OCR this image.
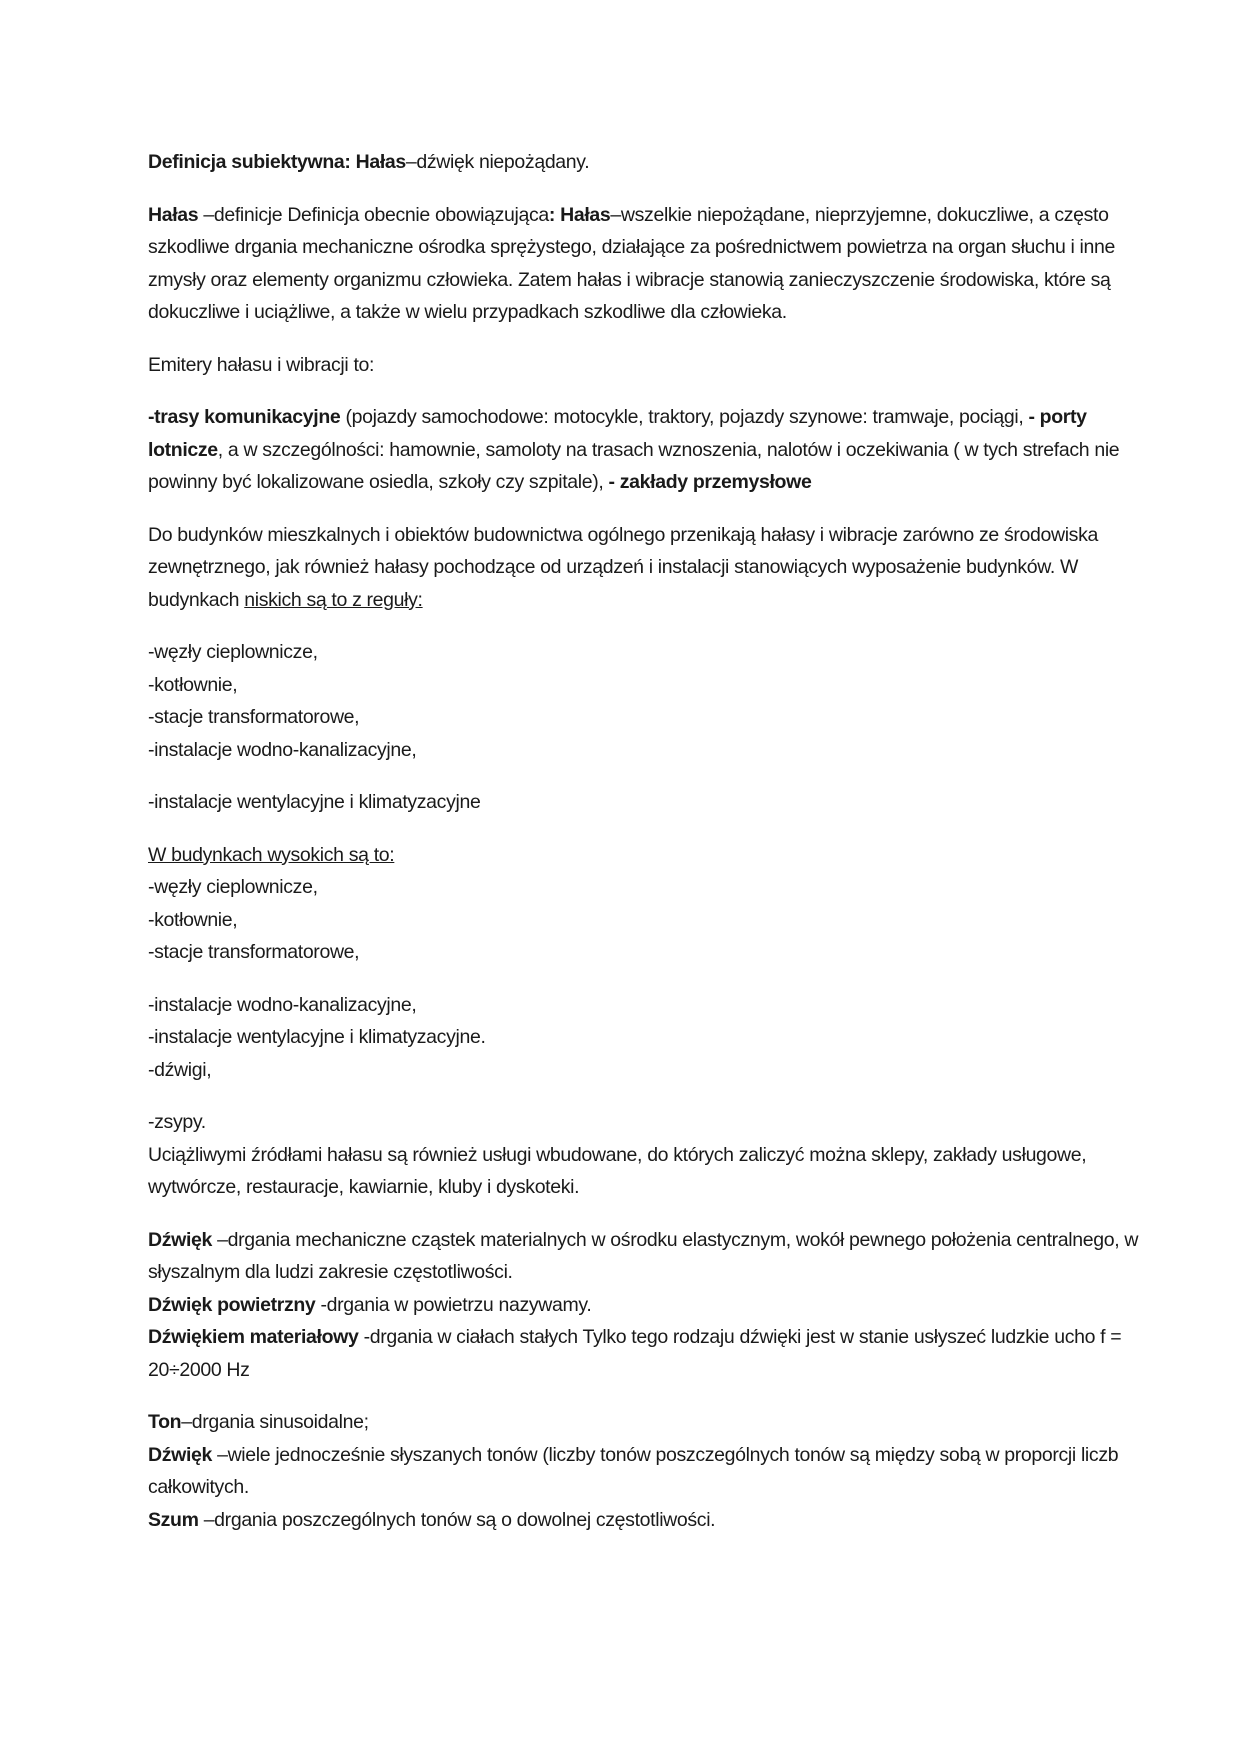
Definicja subiektywna: Hałas–dźwięk niepożądany.

Hałas –definicje Definicja obecnie obowiązująca: Hałas–wszelkie niepożądane, nieprzyjemne, dokuczliwe, a często szkodliwe drgania mechaniczne ośrodka sprężystego, działające za pośrednictwem powietrza na organ słuchu i inne zmysły oraz elementy organizmu człowieka. Zatem hałas i wibracje stanowią zanieczyszczenie środowiska, które są dokuczliwe i uciążliwe, a także w wielu przypadkach szkodliwe dla człowieka.

Emitery hałasu i wibracji to:

-trasy komunikacyjne (pojazdy samochodowe: motocykle, traktory, pojazdy szynowe: tramwaje, pociągi, - porty lotnicze, a w szczególności: hamownie, samoloty na trasach wznoszenia, nalotów i oczekiwania ( w tych strefach nie powinny być lokalizowane osiedla, szkoły czy szpitale), - zakłady przemysłowe

Do budynków mieszkalnych i obiektów budownictwa ogólnego przenikają hałasy i wibracje zarówno ze środowiska zewnętrznego, jak również hałasy pochodzące od urządzeń i instalacji stanowiących wyposażenie budynków. W budynkach niskich są to z reguły:

-węzły cieplownicze,
-kotłownie,
-stacje transformatorowe,
-instalacje wodno-kanalizacyjne,

-instalacje wentylacyjne i klimatyzacyjne

W budynkach wysokich są to:
-węzły cieplownicze,
-kotłownie,
-stacje transformatorowe,

-instalacje wodno-kanalizacyjne,
-instalacje wentylacyjne i klimatyzacyjne.
-dźwigi,

-zsypy.
Uciążliwymi źródłami hałasu są również usługi wbudowane, do których zaliczyć można sklepy, zakłady usługowe, wytwórcze, restauracje, kawiarnie, kluby i dyskoteki.

Dźwięk –drgania mechaniczne cząstek materialnych w ośrodku elastycznym, wokół pewnego położenia centralnego, w słyszalnym dla ludzi zakresie częstotliwości.
Dźwięk powietrzny -drgania w powietrzu nazywamy.
Dźwiękiem materiałowy -drgania w ciałach stałych Tylko tego rodzaju dźwięki jest w stanie usłyszeć ludzkie ucho f = 20÷2000 Hz

Ton–drgania sinusoidalne;
Dźwięk –wiele jednocześnie słyszanych tonów (liczby tonów poszczególnych tonów są między sobą w proporcji liczb całkowitych.
Szum –drgania poszczególnych tonów są o dowolnej częstotliwości.
